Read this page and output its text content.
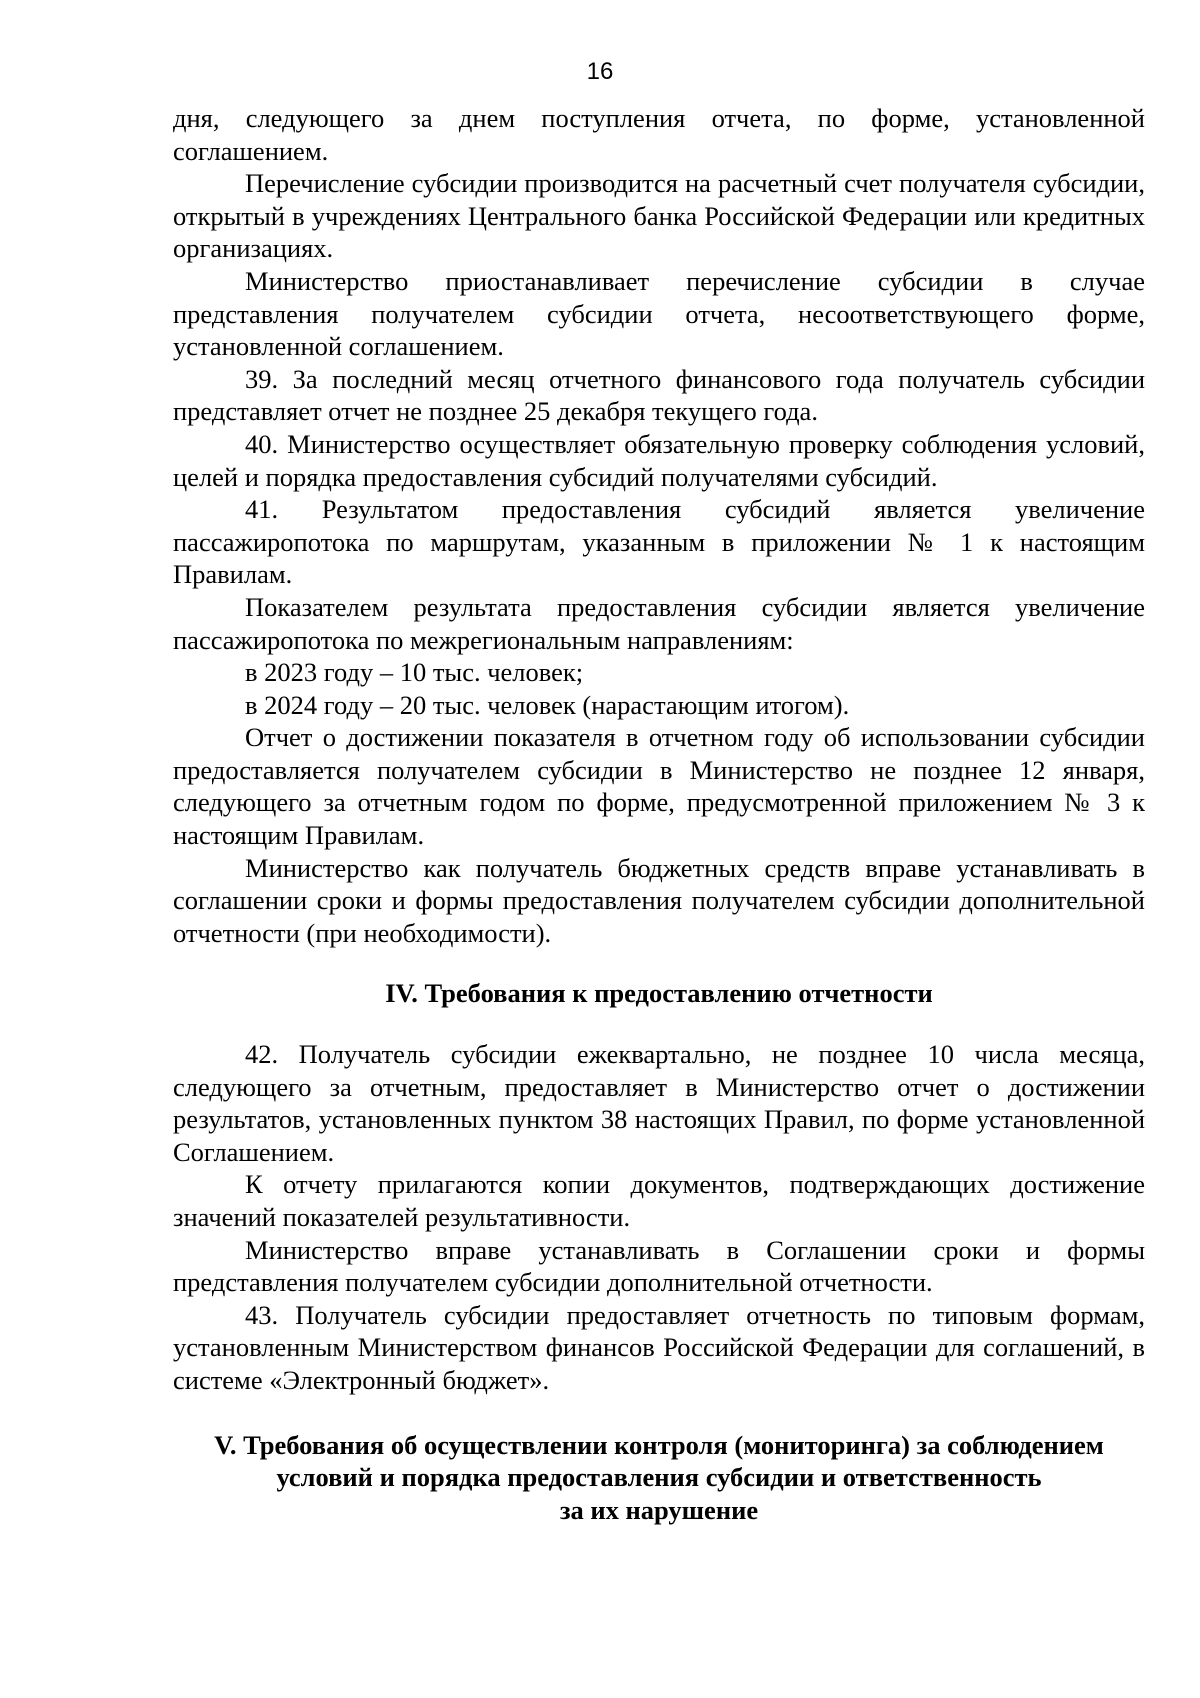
16

дня, следующего за днем поступления отчета, по форме, установленной соглашением.

Перечисление субсидии производится на расчетный счет получателя субсидии, открытый в учреждениях Центрального банка Российской Федерации или кредитных организациях.

Министерство приостанавливает перечисление субсидии в случае представления получателем субсидии отчета, несоответствующего форме, установленной соглашением.

39. За последний месяц отчетного финансового года получатель субсидии представляет отчет не позднее 25 декабря текущего года.

40. Министерство осуществляет обязательную проверку соблюдения условий, целей и порядка предоставления субсидий получателями субсидий.

41. Результатом предоставления субсидий является увеличение пассажиропотока по маршрутам, указанным в приложении № 1 к настоящим Правилам.

Показателем результата предоставления субсидии является увеличение пассажиропотока по межрегиональным направлениям:

в 2023 году – 10 тыс. человек;

в 2024 году – 20 тыс. человек (нарастающим итогом).

Отчет о достижении показателя в отчетном году об использовании субсидии предоставляется получателем субсидии в Министерство не позднее 12 января, следующего за отчетным годом по форме, предусмотренной приложением № 3 к настоящим Правилам.

Министерство как получатель бюджетных средств вправе устанавливать в соглашении сроки и формы предоставления получателем субсидии дополнительной отчетности (при необходимости).

IV. Требования к предоставлению отчетности

42. Получатель субсидии ежеквартально, не позднее 10 числа месяца, следующего за отчетным, предоставляет в Министерство отчет о достижении результатов, установленных пунктом 38 настоящих Правил, по форме установленной Соглашением.

К отчету прилагаются копии документов, подтверждающих достижение значений показателей результативности.

Министерство вправе устанавливать в Соглашении сроки и формы представления получателем субсидии дополнительной отчетности.

43. Получатель субсидии предоставляет отчетность по типовым формам, установленным Министерством финансов Российской Федерации для соглашений, в системе «Электронный бюджет».

V. Требования об осуществлении контроля (мониторинга) за соблюдением
условий и порядка предоставления субсидии и ответственность
за их нарушение
